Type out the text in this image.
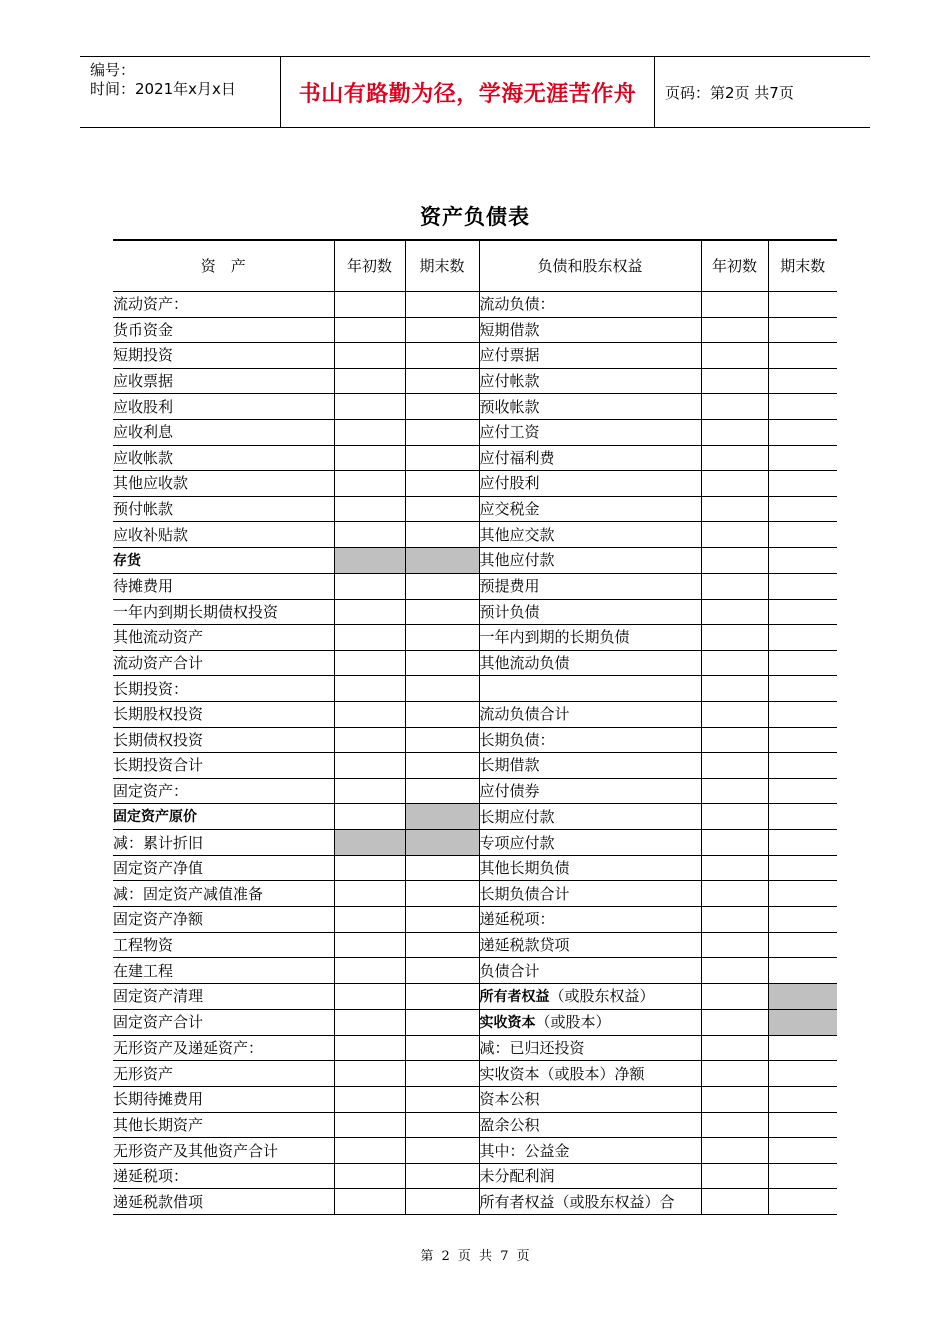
编号：
时间：2021年x月x日	书山有路勤为径，学海无涯苦作舟	页码：第2页 共7页
资产负债表
资　产	年初数	期末数	负债和股东权益	年初数	期末数
流动资产：			流动负债：		
货币资金			短期借款		
短期投资			应付票据		
应收票据			应付帐款		
应收股利			预收帐款		
应收利息			应付工资		
应收帐款			应付福利费		
其他应收款			应付股利		
预付帐款			应交税金		
应收补贴款			其他应交款		
存货			其他应付款		
待摊费用			预提费用		
一年内到期长期债权投资			预计负债		
其他流动资产			一年内到期的长期负债		
流动资产合计			其他流动负债		
长期投资：					
长期股权投资			流动负债合计		
长期债权投资			长期负债：		
长期投资合计			长期借款		
固定资产：			应付债券		
固定资产原价			长期应付款		
减：累计折旧			专项应付款		
固定资产净值			其他长期负债		
减：固定资产减值准备			长期负债合计		
固定资产净额			递延税项：		
工程物资			递延税款贷项		
在建工程			负债合计		
固定资产清理			所有者权益（或股东权益）		
固定资产合计			实收资本（或股本）		
无形资产及递延资产：			减：已归还投资		
无形资产			实收资本（或股本）净额		
长期待摊费用			资本公积		
其他长期资产			盈余公积		
无形资产及其他资产合计			其中：公益金		
递延税项：			未分配利润		
递延税款借项			所有者权益（或股东权益）合		
第 2 页 共 7 页
